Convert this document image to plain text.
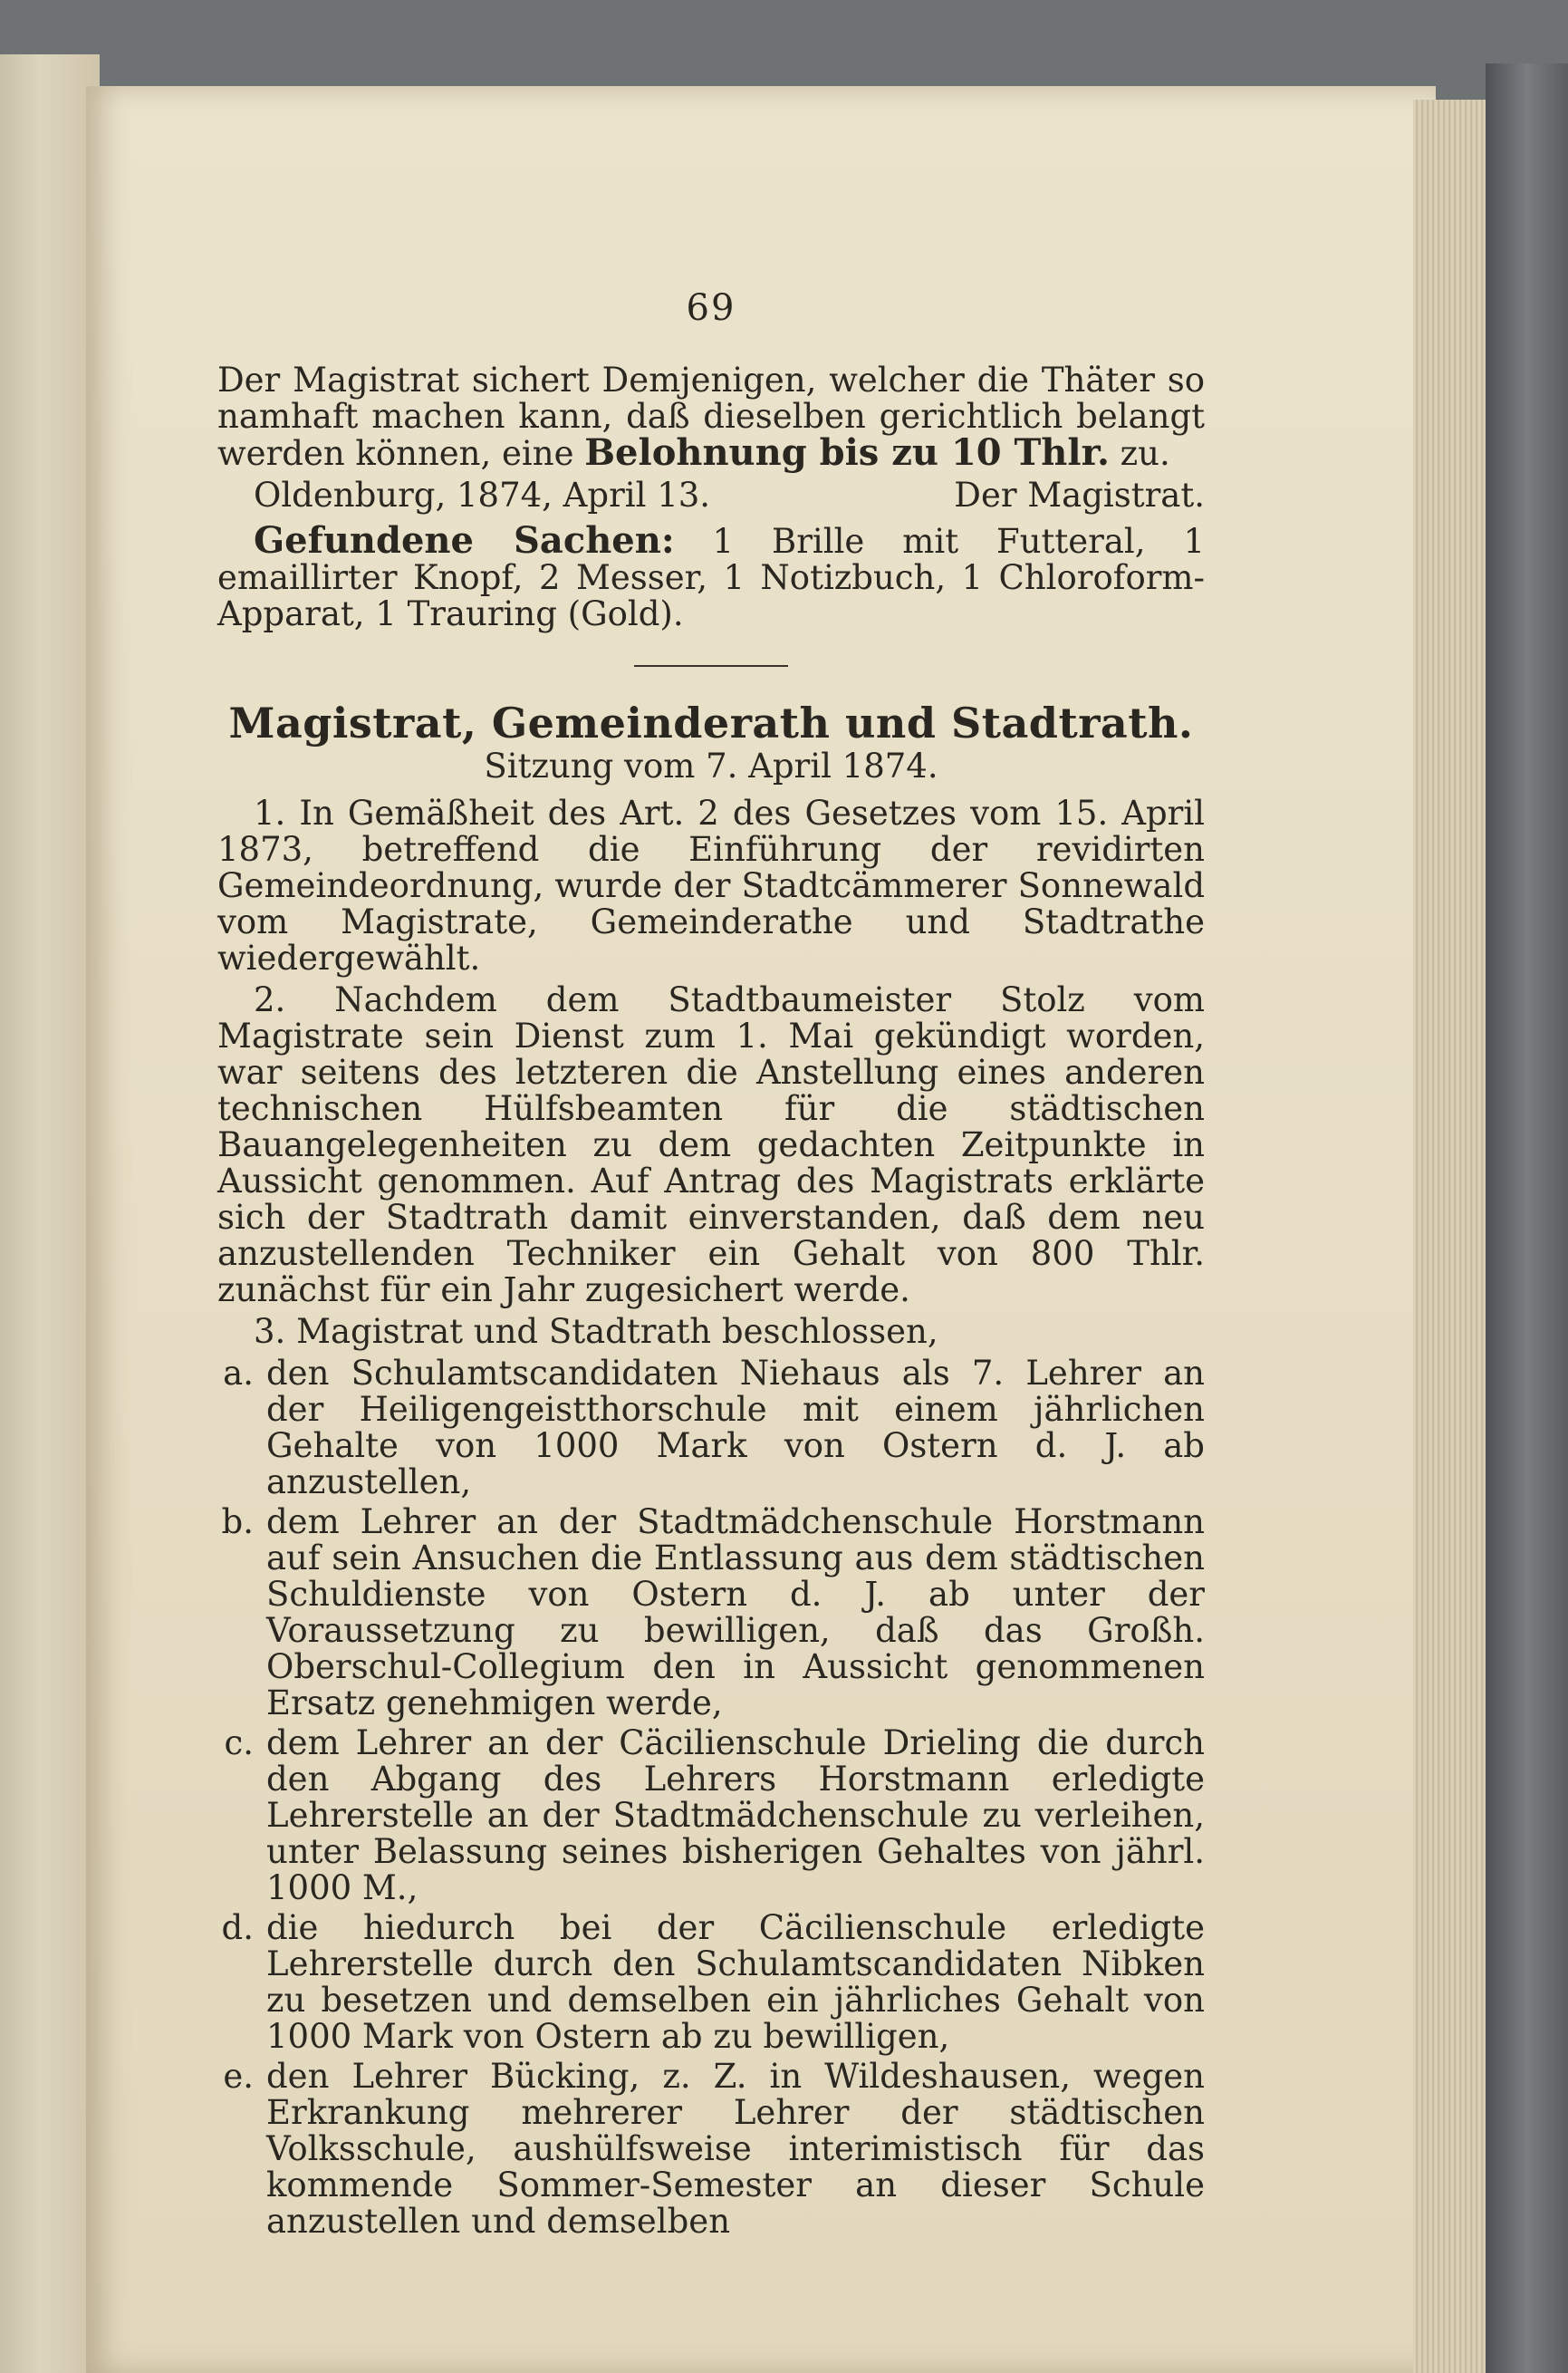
69

Der Magistrat sichert Demjenigen, welcher die Thäter so namhaft machen kann, daß dieselben gerichtlich belangt werden können, eine Belohnung bis zu 10 Thlr. zu.

Oldenburg, 1874, April 13.	Der Magistrat.

Gefundene Sachen: 1 Brille mit Futteral, 1 emaillirter Knopf, 2 Messer, 1 Notizbuch, 1 Chloroform-Apparat, 1 Trauring (Gold).

Magistrat, Gemeinderath und Stadtrath.

Sitzung vom 7. April 1874.

1. In Gemäßheit des Art. 2 des Gesetzes vom 15. April 1873, betreffend die Einführung der revidirten Gemeindeordnung, wurde der Stadtcämmerer Sonnewald vom Magistrate, Gemeinderathe und Stadtrathe wiedergewählt.

2. Nachdem dem Stadtbaumeister Stolz vom Magistrate sein Dienst zum 1. Mai gekündigt worden, war seitens des letzteren die Anstellung eines anderen technischen Hülfsbeamten für die städtischen Bauangelegenheiten zu dem gedachten Zeitpunkte in Aussicht genommen. Auf Antrag des Magistrats erklärte sich der Stadtrath damit einverstanden, daß dem neu anzustellenden Techniker ein Gehalt von 800 Thlr. zunächst für ein Jahr zugesichert werde.

3. Magistrat und Stadtrath beschlossen,

a. den Schulamtscandidaten Niehaus als 7. Lehrer an der Heiligengeistthorschule mit einem jährlichen Gehalte von 1000 Mark von Ostern d. J. ab anzustellen,
b. dem Lehrer an der Stadtmädchenschule Horstmann auf sein Ansuchen die Entlassung aus dem städtischen Schuldienste von Ostern d. J. ab unter der Voraussetzung zu bewilligen, daß das Großh. Oberschul-Collegium den in Aussicht genommenen Ersatz genehmigen werde,
c. dem Lehrer an der Cäcilienschule Drieling die durch den Abgang des Lehrers Horstmann erledigte Lehrerstelle an der Stadtmädchenschule zu verleihen, unter Belassung seines bisherigen Gehaltes von jährl. 1000 M.,
d. die hiedurch bei der Cäcilienschule erledigte Lehrerstelle durch den Schulamtscandidaten Nibken zu besetzen und demselben ein jährliches Gehalt von 1000 Mark von Ostern ab zu bewilligen,
e. den Lehrer Bücking, z. Z. in Wildeshausen, wegen Erkrankung mehrerer Lehrer der städtischen Volksschule, aushülfsweise interimistisch für das kommende Sommer-Semester an dieser Schule anzustellen und demselben
